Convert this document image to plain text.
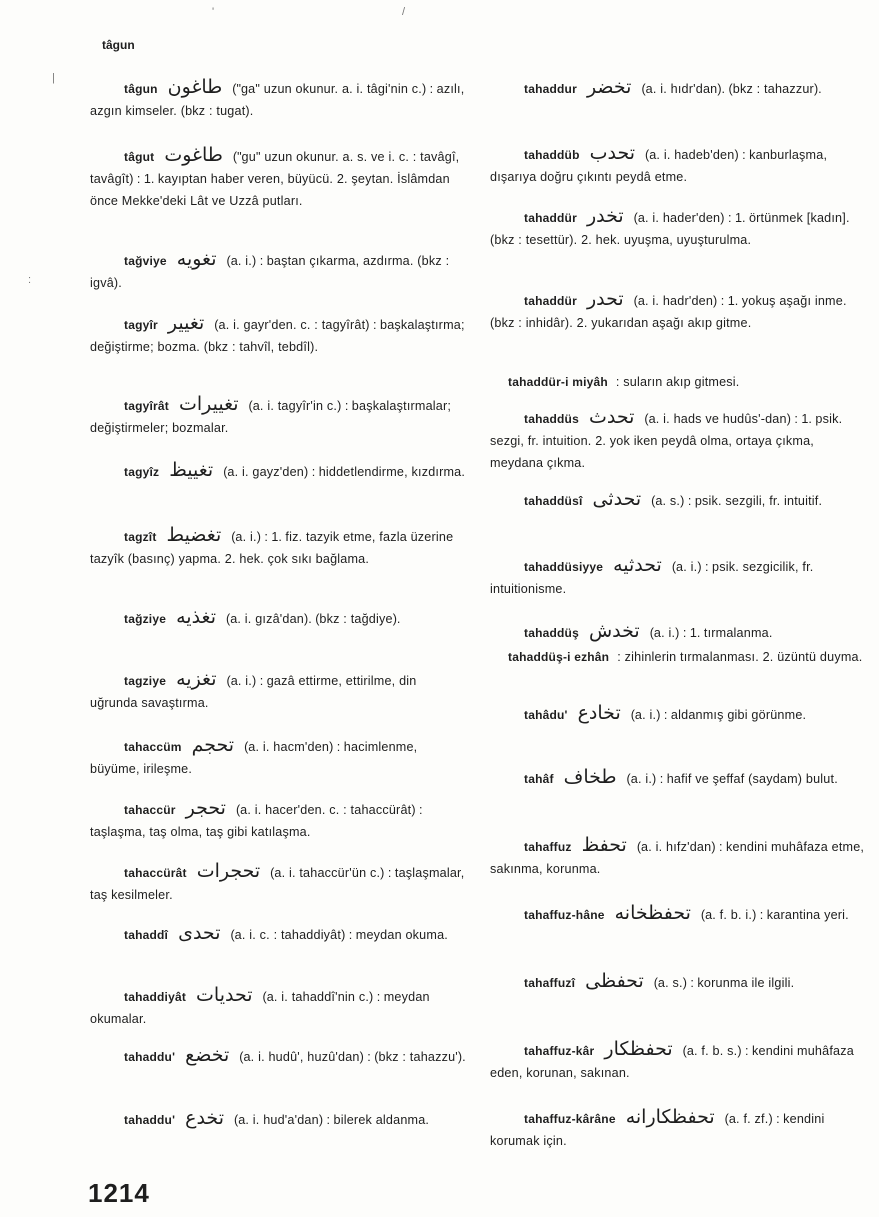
tâgun
tâgun طاغون ("ga" uzun okunur. a. i. tâgi'nin c.) : azılı, azgın kimseler. (bkz : tugat).
tâgut طاغوت ("gu" uzun okunur. a. s. ve i. c. : tavâgî, tavâgît) : 1. kayıptan haber veren, büyücü. 2. şeytan. İslâmdan önce Mekke'deki Lât ve Uzzâ putları.
tağviye تغويه (a. i.) : baştan çıkarma, azdırma. (bkz : igvâ).
tagyîr تغيير (a. i. gayr'den. c. : tagyîrât) : başkalaştırma; değiştirme; bozma. (bkz : tahvîl, tebdîl).
tagyîrât تغييرات (a. i. tagyîr'in c.) : başkalaştırmalar; değiştirmeler; bozmalar.
tagyîz تغييظ (a. i. gayz'den) : hiddetlendirme, kızdırma.
tagzît تغضيط (a. i.) : 1. fiz. tazyik etme, fazla üzerine tazyîk (basınç) yapma. 2. hek. çok sıkı bağlama.
tağziye تغذيه (a. i. gızâ'dan). (bkz : tağdiye).
tagziye تغزيه (a. i.) : gazâ ettirme, ettirilme, din uğrunda savaştırma.
tahaccüm تحجم (a. i. hacm'den) : hacimlenme, büyüme, irileşme.
tahaccür تحجر (a. i. hacer'den. c. : tahaccürât) : taşlaşma, taş olma, taş gibi katılaşma.
tahaccürât تحجرات (a. i. tahaccür'ün c.) : taşlaşmalar, taş kesilmeler.
tahaddî تحدى (a. i. c. : tahaddiyât) : meydan okuma.
tahaddiyât تحديات (a. i. tahaddî'nin c.) : meydan okumalar.
tahaddu' تخضع (a. i. hudû', huzû'dan) : (bkz : tahazzu').
tahaddu' تخدع (a. i. hud'a'dan) : bilerek aldanma.
tahaddur تخضر (a. i. hıdr'dan). (bkz : tahazzur).
tahaddüb تحدب (a. i. hadeb'den) : kanburlaşma, dışarıya doğru çıkıntı peydâ etme.
tahaddür تخدر (a. i. hader'den) : 1. örtünmek [kadın]. (bkz : tesettür). 2. hek. uyuşma, uyuşturulma.
tahaddür تحدر (a. i. hadr'den) : 1. yokuş aşağı inme. (bkz : inhidâr). 2. yukarıdan aşağı akıp gitme.
tahaddür-i miyâh : suların akıp gitmesi.
tahaddüs تحدث (a. i. hads ve hudûs'-dan) : 1. psik. sezgi, fr. intuition. 2. yok iken peydâ olma, ortaya çıkma, meydana çıkma.
tahaddüsî تحدثى (a. s.) : psik. sezgili, fr. intuitif.
tahaddüsiyye تحدثيه (a. i.) : psik. sezgicilik, fr. intuitionisme.
tahaddüş تخدش (a. i.) : 1. tırmalanma.
tahaddüş-i ezhân : zihinlerin tırmalanması. 2. üzüntü duyma.
tahâdu' تخادع (a. i.) : aldanmış gibi görünme.
tahâf طخاف (a. i.) : hafif ve şeffaf (saydam) bulut.
tahaffuz تحفظ (a. i. hıfz'dan) : kendini muhâfaza etme, sakınma, korunma.
tahaffuz-hâne تحفظخانه (a. f. b. i.) : karantina yeri.
tahaffuzî تحفظى (a. s.) : korunma ile ilgili.
tahaffuz-kâr تحفظكار (a. f. b. s.) : kendini muhâfaza eden, korunan, sakınan.
tahaffuz-kârâne تحفظكارانه (a. f. zf.) : kendini korumak için.
1214
'	/
|
:
